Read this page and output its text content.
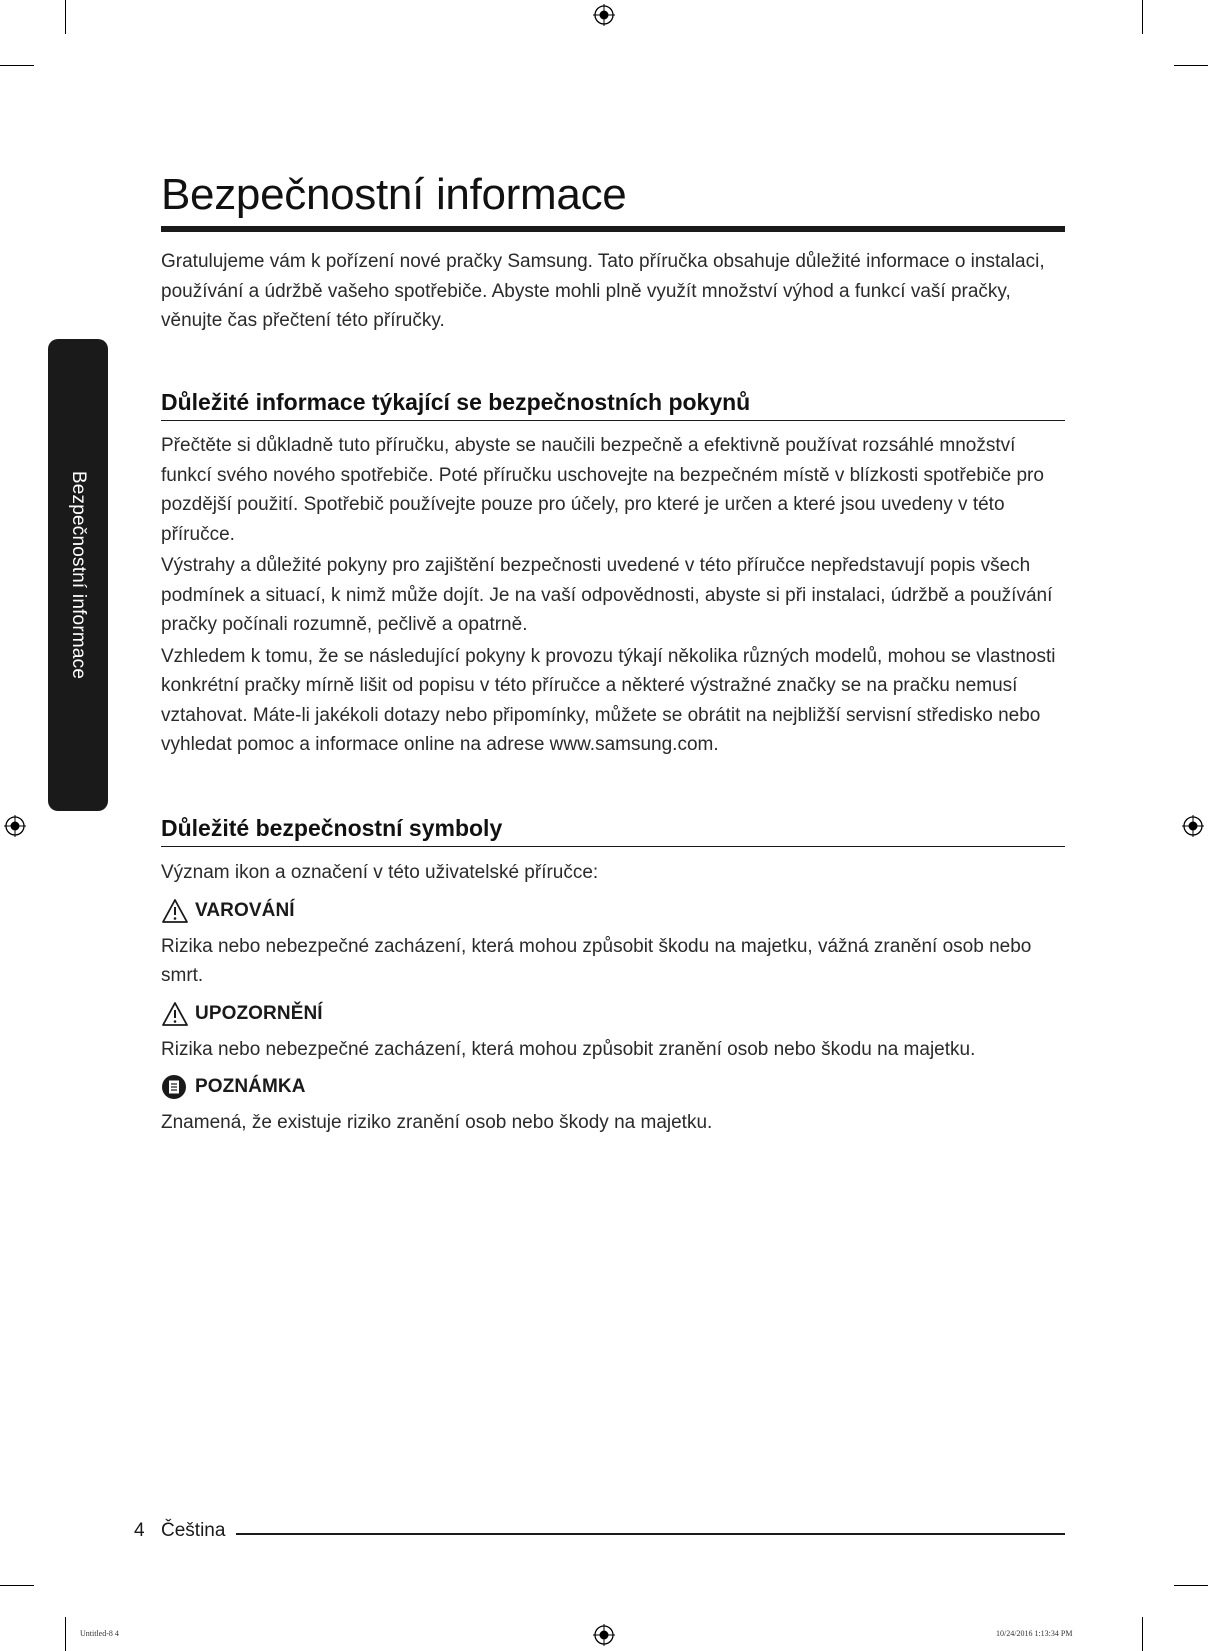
Bezpečnostní informace
Bezpečnostní informace

Gratulujeme vám k pořízení nové pračky Samsung. Tato příručka obsahuje důležité informace o instalaci, používání a údržbě vašeho spotřebiče. Abyste mohli plně využít množství výhod a funkcí vaší pračky, věnujte čas přečtení této příručky.

Důležité informace týkající se bezpečnostních pokynů

Přečtěte si důkladně tuto příručku, abyste se naučili bezpečně a efektivně používat rozsáhlé množství funkcí svého nového spotřebiče. Poté příručku uschovejte na bezpečném místě v blízkosti spotřebiče pro pozdější použití. Spotřebič používejte pouze pro účely, pro které je určen a které jsou uvedeny v této příručce.

Výstrahy a důležité pokyny pro zajištění bezpečnosti uvedené v této příručce nepředstavují popis všech podmínek a situací, k nimž může dojít. Je na vaší odpovědnosti, abyste si při instalaci, údržbě a používání pračky počínali rozumně, pečlivě a opatrně.

Vzhledem k tomu, že se následující pokyny k provozu týkají několika různých modelů, mohou se vlastnosti konkrétní pračky mírně lišit od popisu v této příručce a některé výstražné značky se na pračku nemusí vztahovat. Máte-li jakékoli dotazy nebo připomínky, můžete se obrátit na nejbližší servisní středisko nebo vyhledat pomoc a informace online na adrese www.samsung.com.

Důležité bezpečnostní symboly

Význam ikon a označení v této uživatelské příručce:

VAROVÁNÍ

Rizika nebo nebezpečné zacházení, která mohou způsobit škodu na majetku, vážná zranění osob nebo smrt.

UPOZORNĚNÍ

Rizika nebo nebezpečné zacházení, která mohou způsobit zranění osob nebo škodu na majetku.

POZNÁMKA

Znamená, že existuje riziko zranění osob nebo škody na majetku.

4 Čeština
Untitled-8 4	10/24/2016 1:13:34 PM
